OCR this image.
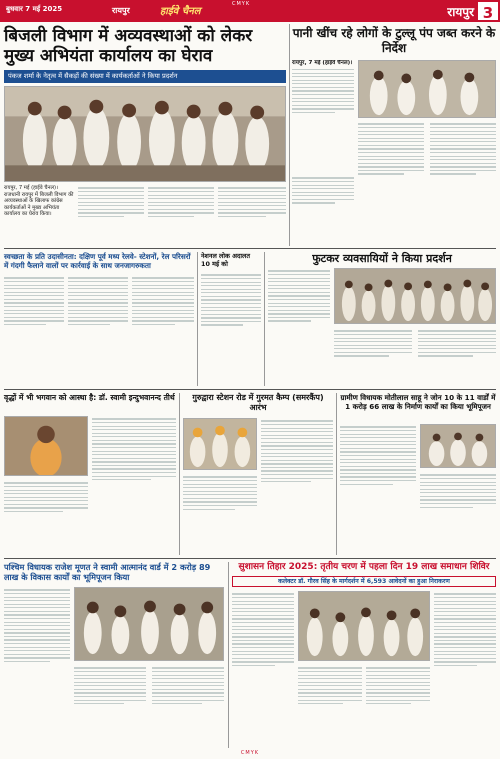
बुधवार 7 मई 2025	रायपुर	हाईवे चैनल
CMYK
रायपुर 3
बिजली विभाग में अव्यवस्थाओं को लेकर मुख्य अभियंता कार्यालय का घेराव
पंकज शर्मा के नेतृत्व में सैकड़ों की संख्या में कार्यकर्ताओं ने किया प्रदर्शन
रायपुर, 7 मई (हाईवे चैनल)। राजधानी रायपुर में बिजली विभाग की अव्यवस्थाओं के खिलाफ कांग्रेस कार्यकर्ताओं ने मुख्य अभियंता कार्यालय का घेराव किया।
पानी खींच रहे लोगों के टुल्लू पंप जब्त करने के निर्देश
रायपुर, 7 मई (हाईवे चैनल)।
स्वच्छता के प्रति उदासीनता: दक्षिण पूर्व मध्य रेलवे- स्टेशनों, रेल परिसरों में गंदगी फैलाने वालों पर कार्रवाई के साथ जनजागरुकता
नेशनल लोक अदालत 10 मई को	फुटकर व्यवसायियों ने किया प्रदर्शन
वृद्धों में भी भगवान को आस्था है: डॉ. स्वामी इन्दुभवानन्द तीर्थ	गुरुद्वारा स्टेशन रोड में गुरमत कैम्प (समरकैंप) आरंभ
ग्रामीण विधायक मोतीलाल साहू ने जोन 10 के 11 वार्डों में 1 करोड़ 66 लाख के निर्माण कार्यों का किया भूमिपूजन
पश्चिम विधायक राजेश मूणत ने स्वामी आत्मानंद वार्ड में 2 करोड़ 89 लाख के विकास कार्यों का भूमिपूजन किया
सुशासन तिहार 2025: तृतीय चरण में पहला दिन 19 लाख समाधान शिविर
कलेक्टर डॉ. गौरव सिंह के मार्गदर्शन में 6,593 आवेदनों का हुआ निराकरण
CMYK
